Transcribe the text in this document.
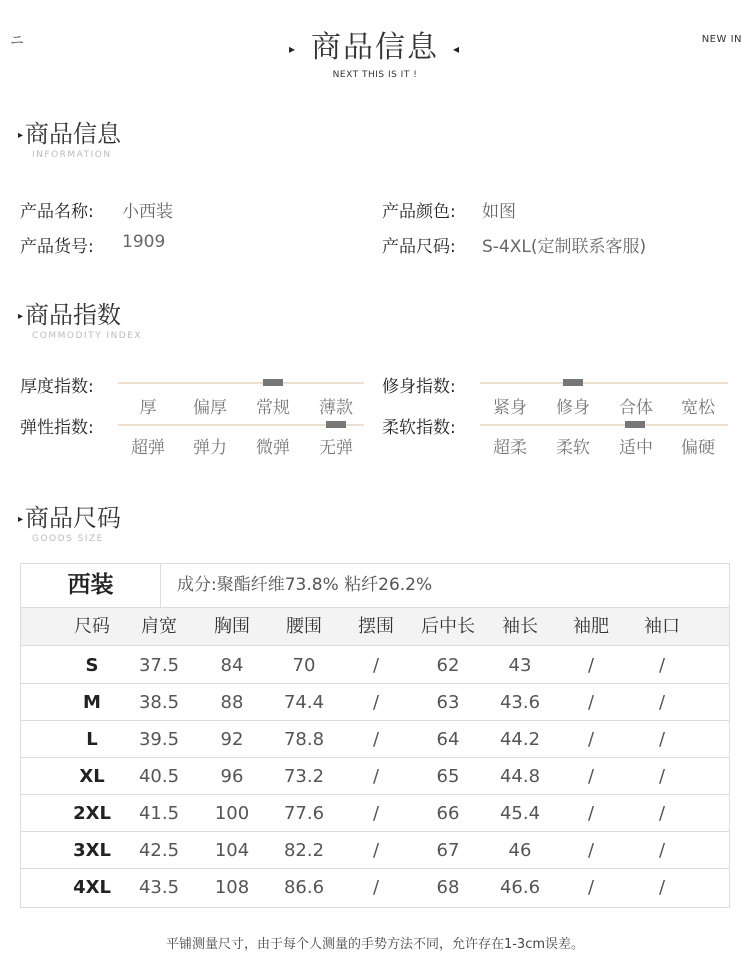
ニ	NEW IN
▸ 商品信息 ◂
NEXT THIS IS IT !
▸商品信息
INFORMATION
产品名称: 小西装	产品颜色: 如图
产品货号: 1909	产品尺码: S-4XL(定制联系客服)
▸商品指数
COMMODITY INDEX
厚度指数:
厚	偏厚	常规	薄款
修身指数:
紧身	修身	合体	宽松
弹性指数:
超弹	弹力	微弹	无弹
柔软指数:
超柔	柔软	适中	偏硬
▸商品尺码
GOODS SIZE
西装	成分:聚酯纤维73.8% 粘纤26.2%
尺码	肩宽	胸围	腰围	摆围	后中长	袖长	袖肥	袖口
S	37.5	84	70	/	62	43	/	/
M	38.5	88	74.4	/	63	43.6	/	/
L	39.5	92	78.8	/	64	44.2	/	/
XL	40.5	96	73.2	/	65	44.8	/	/
2XL	41.5	100	77.6	/	66	45.4	/	/
3XL	42.5	104	82.2	/	67	46	/	/
4XL	43.5	108	86.6	/	68	46.6	/	/
平铺测量尺寸，由于每个人测量的手势方法不同，允许存在1-3cm误差。
